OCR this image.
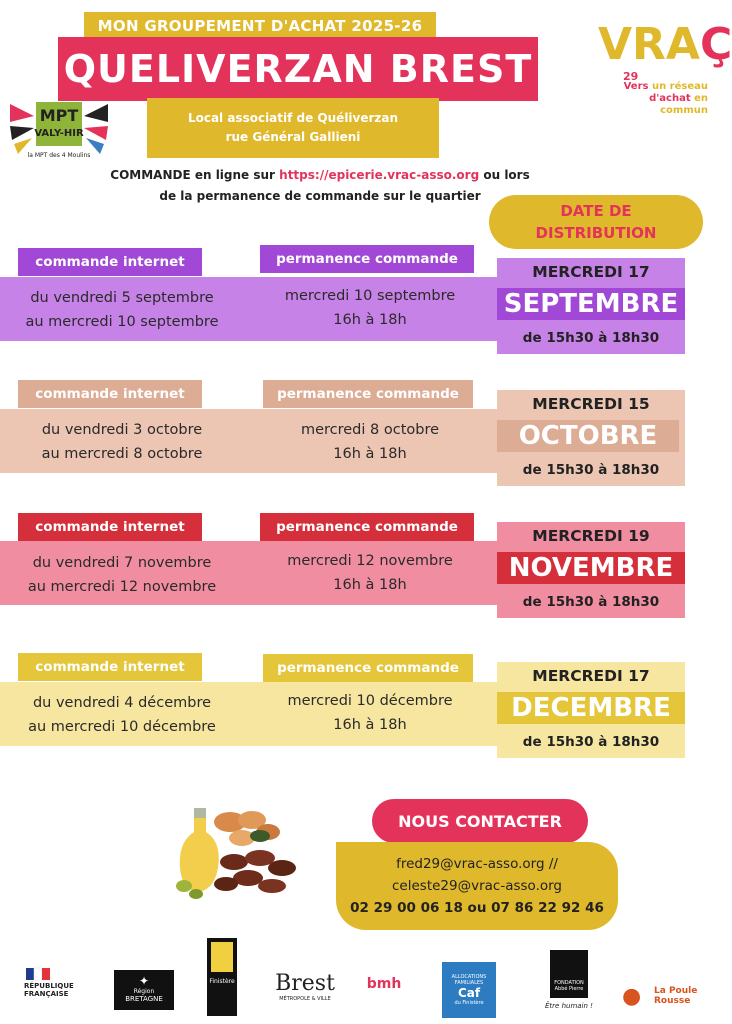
MON GROUPEMENT D'ACHAT 2025-26
QUELIVERZAN BREST
Local associatif de Quéliverzan
rue Général Gallieni
MPT
VALY-HIR
la MPT des 4 Moulins
VRAÇ
29
Vers un réseau
d'achat en commun
COMMANDE en ligne sur https://epicerie.vrac-asso.org ou lors
de la permanence de commande sur le quartier
DATE DE
DISTRIBUTION
commande internet	permanence commande
du vendredi 5 septembre
au mercredi 10 septembre
mercredi 10 septembre
16h à 18h
MERCREDI 17
SEPTEMBRE
de 15h30 à 18h30
commande internet	permanence commande
du vendredi 3 octobre
au mercredi 8 octobre
mercredi 8 octobre
16h à 18h
MERCREDI 15
OCTOBRE
de 15h30 à 18h30
commande internet	permanence commande
du vendredi 7 novembre
au mercredi 12 novembre
mercredi 12 novembre
16h à 18h
MERCREDI 19
NOVEMBRE
de 15h30 à 18h30
commande internet	permanence commande
du vendredi 4 décembre
au mercredi 10 décembre
mercredi 10 décembre
16h à 18h
MERCREDI 17
DECEMBRE
de 15h30 à 18h30
NOUS CONTACTER
fred29@vrac-asso.org //
celeste29@vrac-asso.org
02 29 00 06 18 ou 07 86 22 92 46
RÉPUBLIQUE
FRANÇAISE
✦
Région
BRETAGNE
Finistère Brest
MÉTROPOLE & VILLE
bmh	ALLOCATIONS FAMILIALES
Caf
du Finistère
FONDATION
Abbé Pierre
Être humain ! ● La Poule
Rousse
